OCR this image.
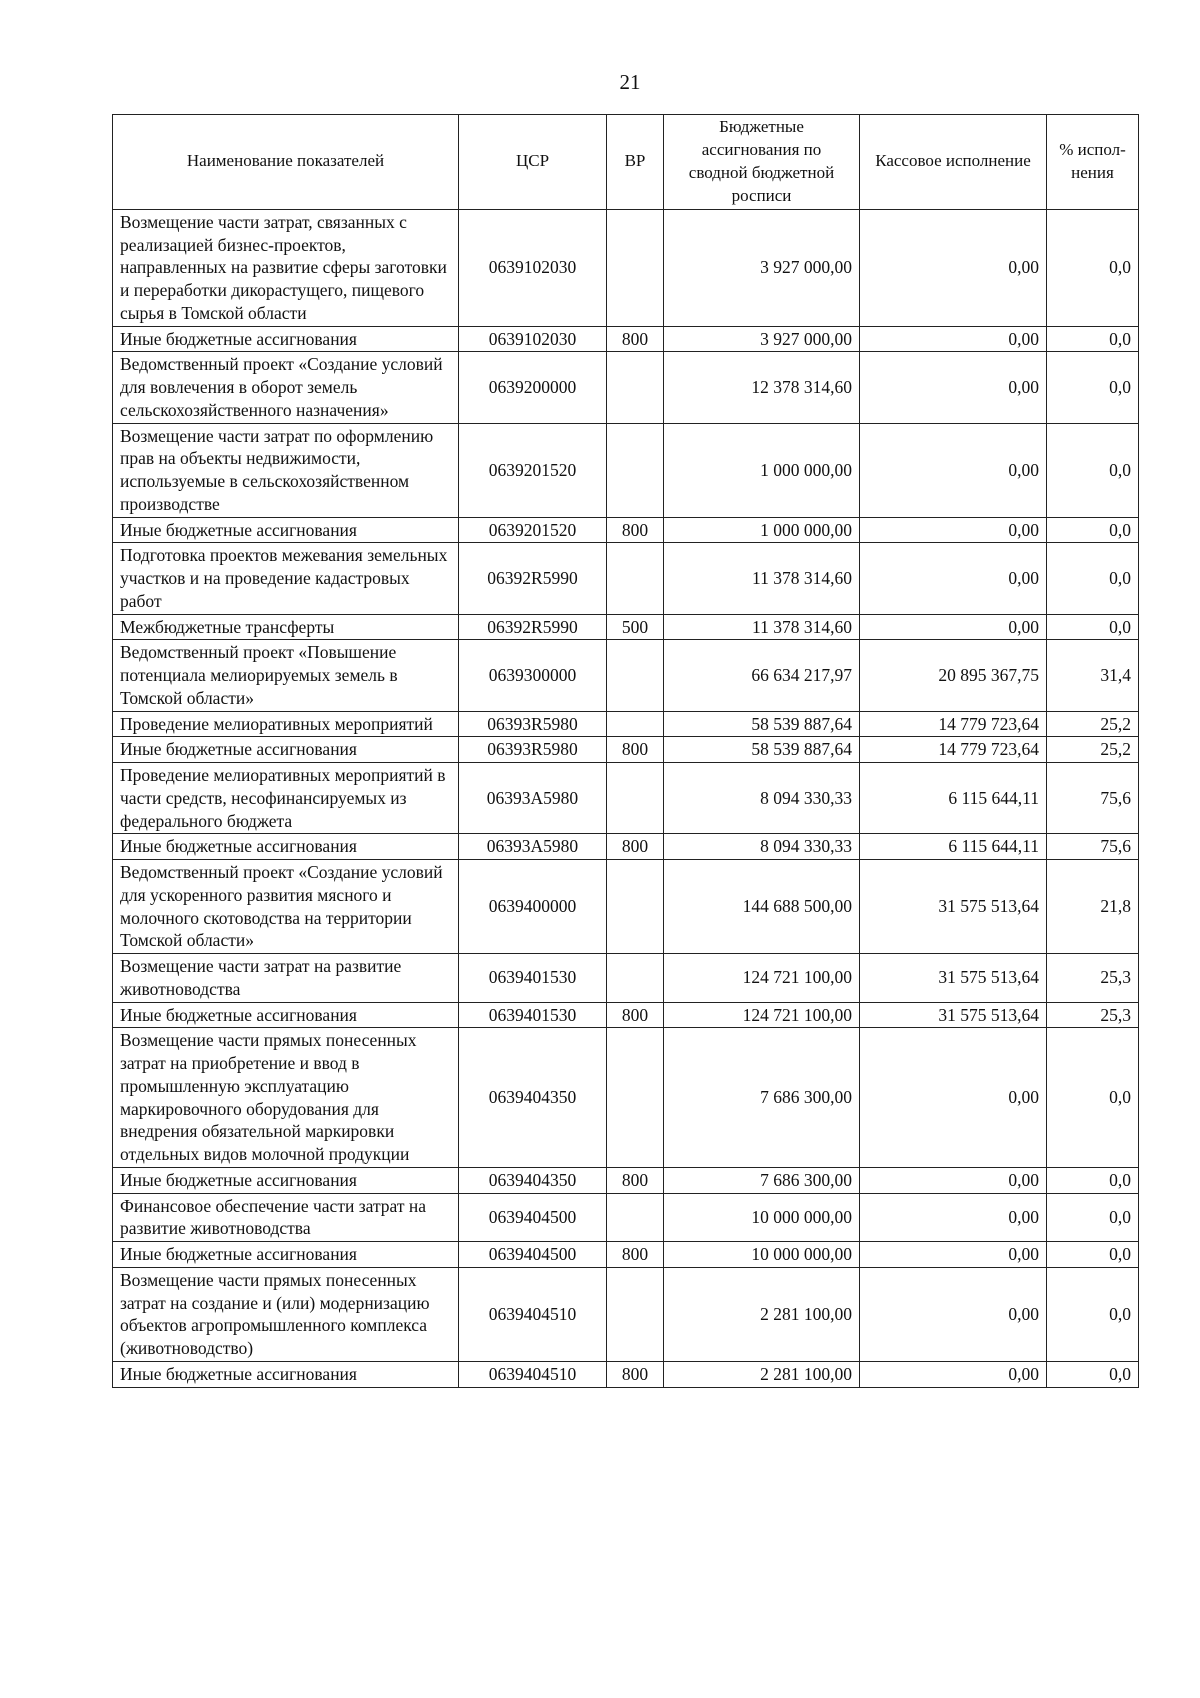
21
Наименование показателей	ЦСР	ВР	Бюджетные ассигнования по сводной бюджетной росписи	Кассовое исполнение	% испол-нения
Возмещение части затрат, связанных с реализацией бизнес-проектов, направленных на развитие сферы заготовки и переработки дикорастущего, пищевого сырья в Томской области	0639102030		3 927 000,00	0,00	0,0
Иные бюджетные ассигнования	0639102030	800	3 927 000,00	0,00	0,0
Ведомственный проект «Создание условий для вовлечения в оборот земель сельскохозяйственного назначения»	0639200000		12 378 314,60	0,00	0,0
Возмещение части затрат по оформлению прав на объекты недвижимости, используемые в сельскохозяйственном производстве	0639201520		1 000 000,00	0,00	0,0
Иные бюджетные ассигнования	0639201520	800	1 000 000,00	0,00	0,0
Подготовка проектов межевания земельных участков и на проведение кадастровых работ	06392R5990		11 378 314,60	0,00	0,0
Межбюджетные трансферты	06392R5990	500	11 378 314,60	0,00	0,0
Ведомственный проект «Повышение потенциала мелиорируемых земель в Томской области»	0639300000		66 634 217,97	20 895 367,75	31,4
Проведение мелиоративных мероприятий	06393R5980		58 539 887,64	14 779 723,64	25,2
Иные бюджетные ассигнования	06393R5980	800	58 539 887,64	14 779 723,64	25,2
Проведение мелиоративных мероприятий в части средств, несофинансируемых из федерального бюджета	06393A5980		8 094 330,33	6 115 644,11	75,6
Иные бюджетные ассигнования	06393A5980	800	8 094 330,33	6 115 644,11	75,6
Ведомственный проект «Создание условий для ускоренного развития мясного и молочного скотоводства на территории Томской области»	0639400000		144 688 500,00	31 575 513,64	21,8
Возмещение части затрат на развитие животноводства	0639401530		124 721 100,00	31 575 513,64	25,3
Иные бюджетные ассигнования	0639401530	800	124 721 100,00	31 575 513,64	25,3
Возмещение части прямых понесенных затрат на приобретение и ввод в промышленную эксплуатацию маркировочного оборудования для внедрения обязательной маркировки отдельных видов молочной продукции	0639404350		7 686 300,00	0,00	0,0
Иные бюджетные ассигнования	0639404350	800	7 686 300,00	0,00	0,0
Финансовое обеспечение части затрат на развитие животноводства	0639404500		10 000 000,00	0,00	0,0
Иные бюджетные ассигнования	0639404500	800	10 000 000,00	0,00	0,0
Возмещение части прямых понесенных затрат на создание и (или) модернизацию объектов агропромышленного комплекса (животноводство)	0639404510		2 281 100,00	0,00	0,0
Иные бюджетные ассигнования	0639404510	800	2 281 100,00	0,00	0,0
